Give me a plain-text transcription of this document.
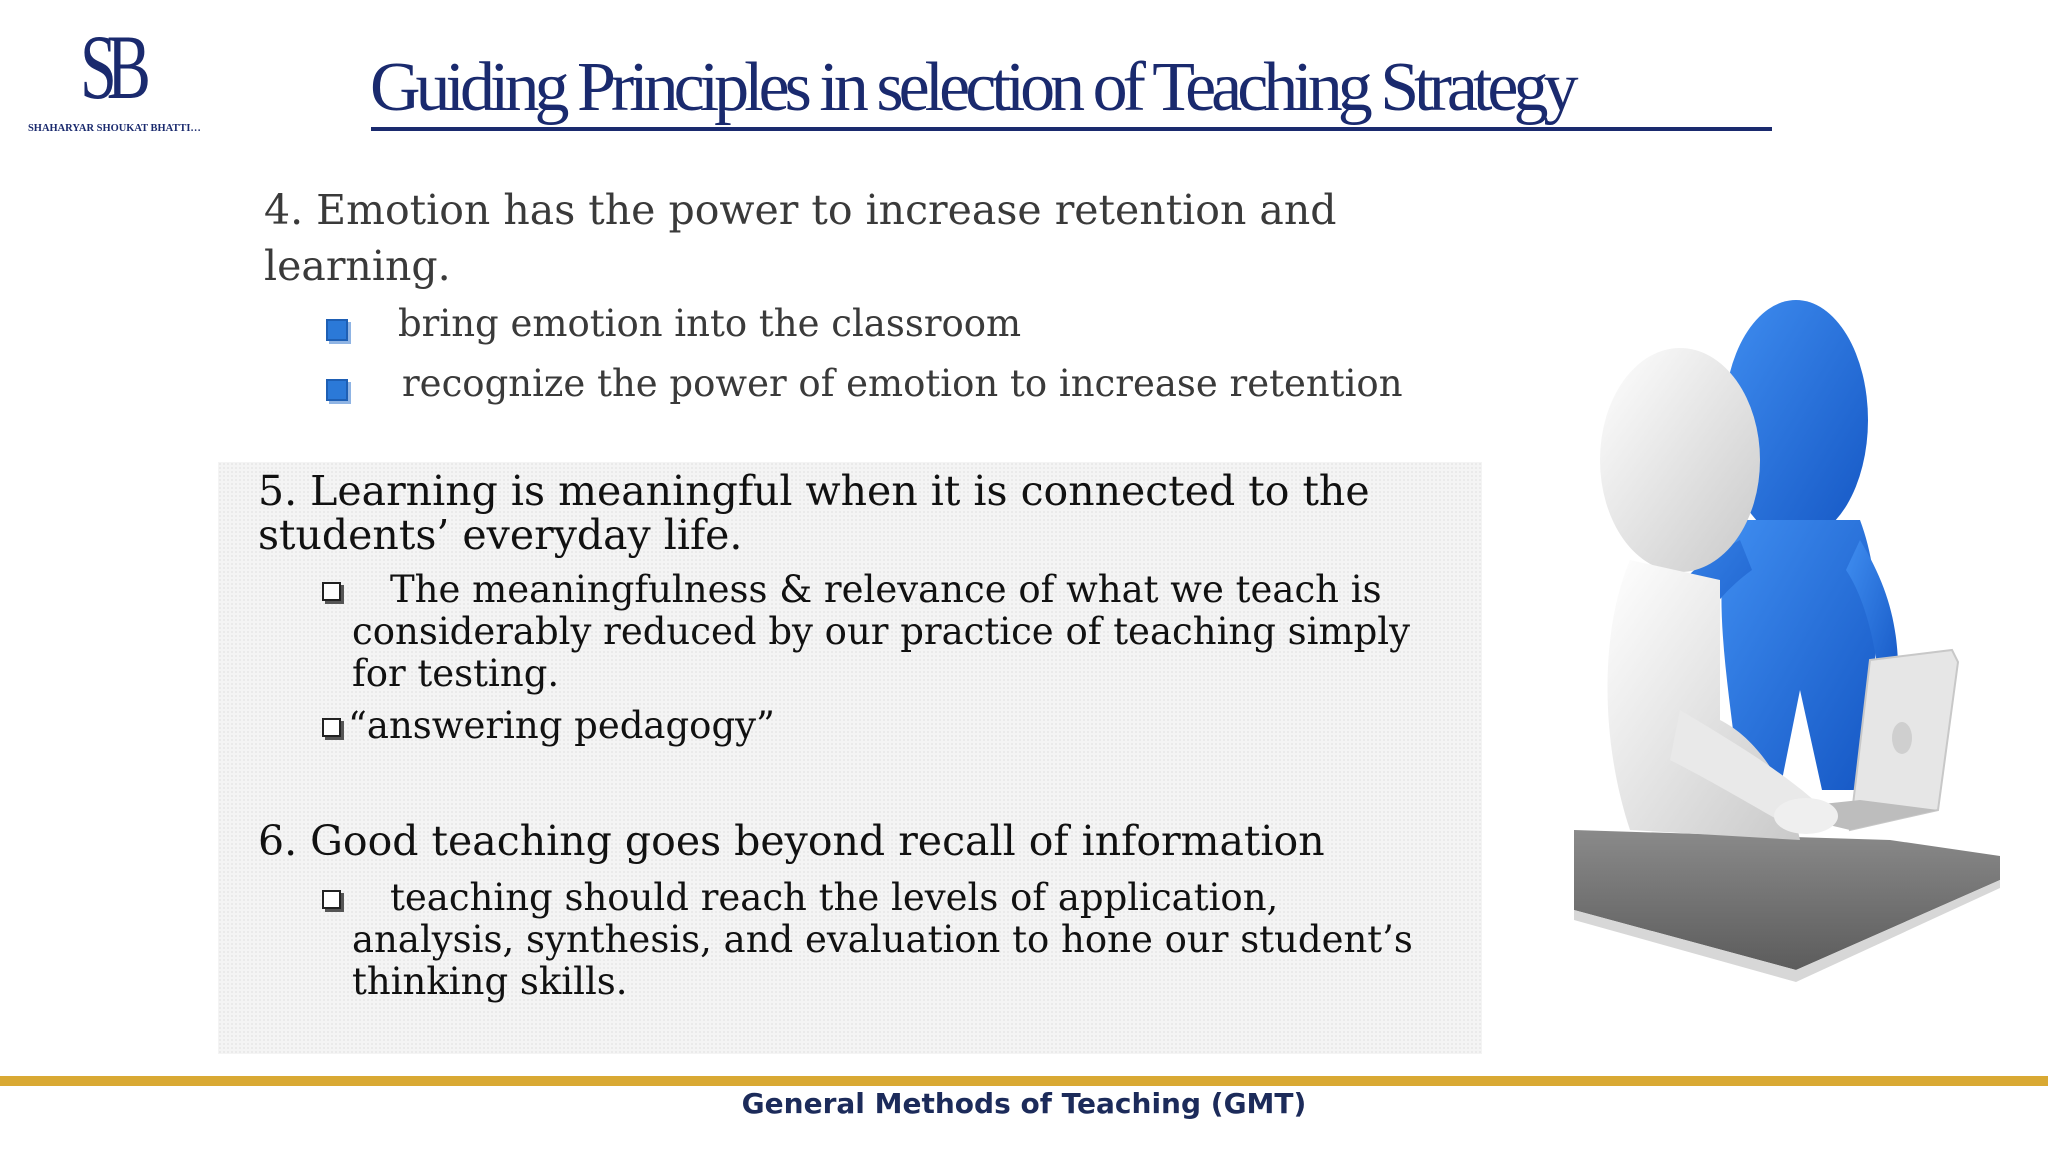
SB
SHAHARYAR SHOUKAT BHATTI…
Guiding Principles in selection of Teaching Strategy
4. Emotion has the power to increase retention and
learning.
bring emotion into the classroom
recognize the power of emotion to increase retention
5. Learning is meaningful when it is connected to the
students’ everyday life.
The meaningfulness & relevance of what we teach is
considerably reduced by our practice of teaching simply
for testing.
“answering pedagogy”
6. Good teaching goes beyond recall of information
teaching should reach the levels of application,
analysis, synthesis, and evaluation to hone our student’s
thinking skills.
General Methods of Teaching (GMT)
